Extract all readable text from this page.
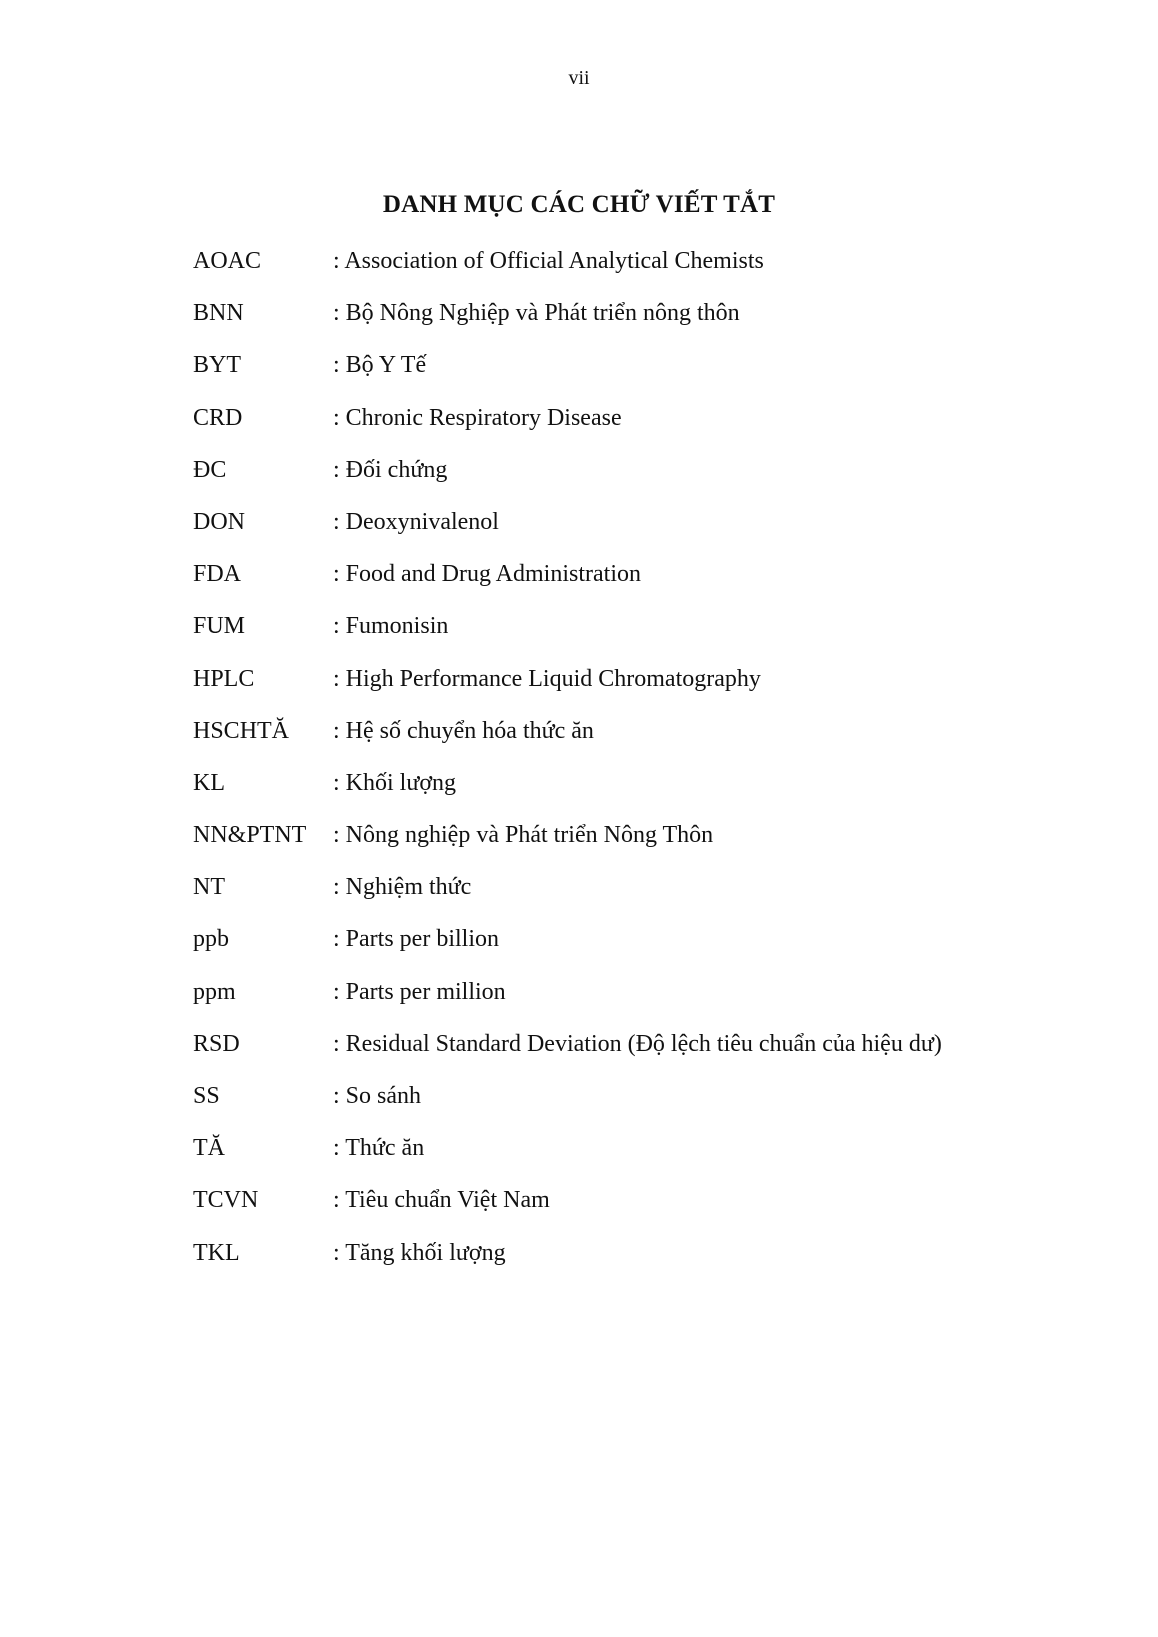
vii
DANH MỤC CÁC CHỮ VIẾT TẮT
AOAC	: Association of Official Analytical Chemists
BNN	: Bộ Nông Nghiệp và Phát triển nông thôn
BYT	: Bộ Y Tế
CRD	: Chronic Respiratory Disease
ĐC	: Đối chứng
DON	: Deoxynivalenol
FDA	: Food and Drug Administration
FUM	: Fumonisin
HPLC	: High Performance Liquid Chromatography
HSCHTĂ	: Hệ số chuyển hóa thức ăn
KL	: Khối lượng
NN&PTNT	: Nông nghiệp và Phát triển Nông Thôn
NT	: Nghiệm thức
ppb	: Parts per billion
ppm	: Parts per million
RSD	: Residual Standard Deviation (Độ lệch tiêu chuẩn của hiệu dư)
SS	: So sánh
TĂ	: Thức ăn
TCVN	: Tiêu chuẩn Việt Nam
TKL	: Tăng khối lượng
